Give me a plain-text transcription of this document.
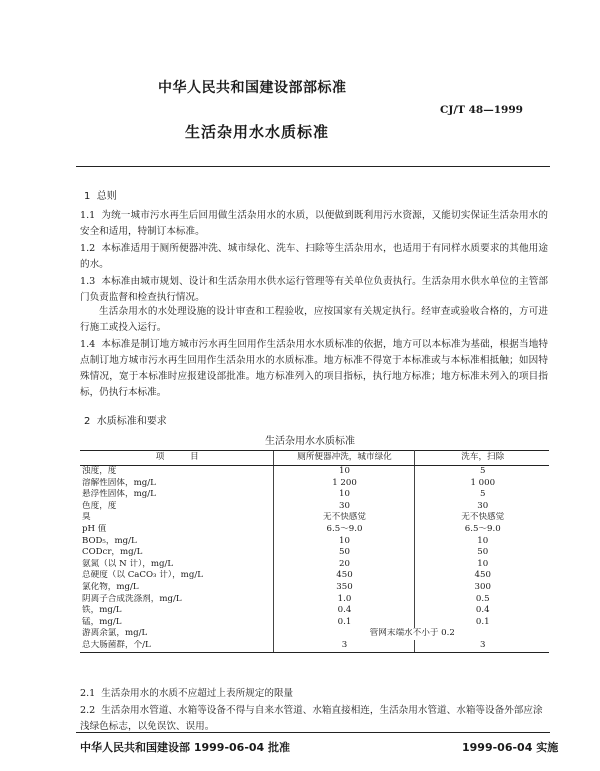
中华人民共和国建设部部标准
CJ/T 48—1999
生活杂用水水质标准
1 总则
1.1 为统一城市污水再生后回用做生活杂用水的水质，以便做到既利用污水资源，又能切实保证生活杂用水的安全和适用，特制订本标准。
1.2 本标准适用于厕所便器冲洗、城市绿化、洗车、扫除等生活杂用水，也适用于有同样水质要求的其他用途的水。
1.3 本标准由城市规划、设计和生活杂用水供水运行管理等有关单位负责执行。生活杂用水供水单位的主管部门负责监督和检查执行情况。
生活杂用水的水处理设施的设计审查和工程验收，应按国家有关规定执行。经审查或验收合格的，方可进行施工或投入运行。
1.4 本标准是制订地方城市污水再生回用作生活杂用水水质标准的依据，地方可以本标准为基础，根据当地特点制订地方城市污水再生回用作生活杂用水的水质标准。地方标准不得宽于本标准或与本标准相抵触；如因特殊情况，宽于本标准时应报建设部批准。地方标准列入的项目指标，执行地方标准；地方标准未列入的项目指标，仍执行本标准。
2 水质标准和要求
生活杂用水水质标准
项　　　目	厕所便器冲洗，城市绿化	洗车，扫除
浊度，度	10	5
溶解性固体，mg/L	1 200	1 000
悬浮性固体，mg/L	10	5
色度，度	30	30
臭	无不快感觉	无不快感觉
pH 值	6.5～9.0	6.5～9.0
BOD₅，mg/L	10	10
CODcr，mg/L	50	50
氨氮（以 N 计），mg/L	20	10
总硬度（以 CaCO₃ 计），mg/L	450	450
氯化物，mg/L	350	300
阴离子合成洗涤剂，mg/L	1.0	0.5
铁，mg/L	0.4	0.4
锰，mg/L	0.1	0.1
游离余氯，mg/L	管网末端水不小于 0.2	
总大肠菌群，个/L	3	3
2.1 生活杂用水的水质不应超过上表所规定的限量
2.2 生活杂用水管道、水箱等设备不得与自来水管道、水箱直接相连，生活杂用水管道、水箱等设备外部应涂浅绿色标志，以免误饮、误用。
中华人民共和国建设部 1999-06-04 批准	1999-06-04 实施
